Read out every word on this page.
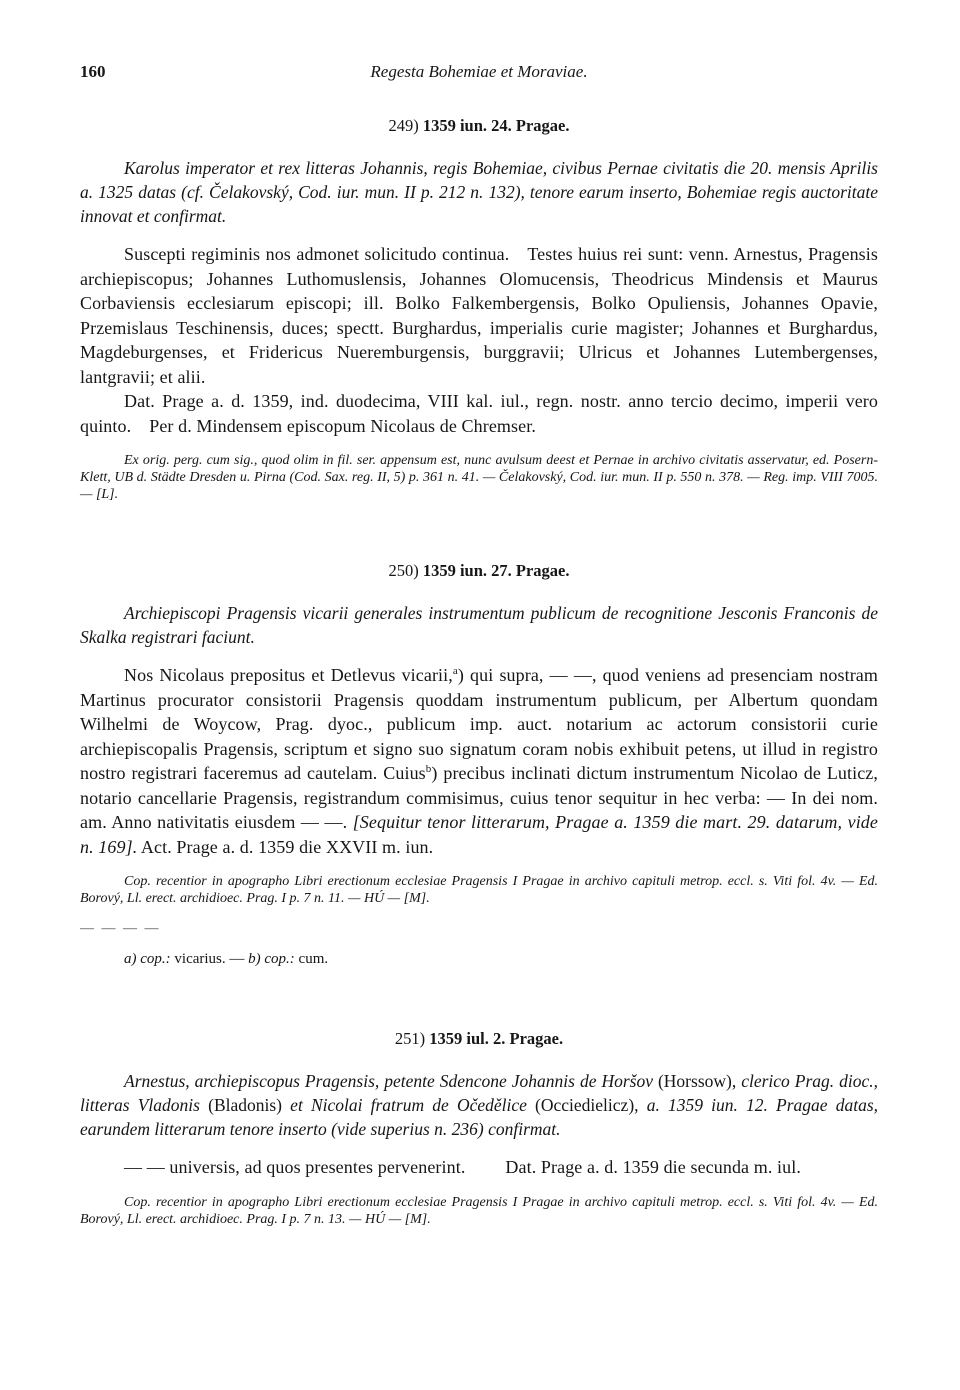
160	Regesta Bohemiae et Moraviae.
249) 1359 iun. 24. Pragae.

Karolus imperator et rex litteras Johannis, regis Bohemiae, civibus Pernae civitatis die 20. mensis Aprilis a. 1325 datas (cf. Čelakovský, Cod. iur. mun. II p. 212 n. 132), tenore earum inserto, Bohemiae regis auctoritate innovat et confirmat.

Suscepti regiminis nos admonet solicitudo continua. Testes huius rei sunt: venn. Arnestus, Pragensis archiepiscopus; Johannes Luthomuslensis, Johannes Olomucensis, Theodricus Mindensis et Maurus Corbaviensis ecclesiarum episcopi; ill. Bolko Falkembergensis, Bolko Opuliensis, Johannes Opavie, Przemislaus Teschinensis, duces; spectt. Burghardus, imperialis curie magister; Johannes et Burghardus, Magdeburgenses, et Fridericus Nueremburgensis, burggravii; Ulricus et Johannes Lutembergenses, lantgravii; et alii.

Dat. Prage a. d. 1359, ind. duodecima, VIII kal. iul., regn. nostr. anno tercio decimo, imperii vero quinto. Per d. Mindensem episcopum Nicolaus de Chremser.

Ex orig. perg. cum sig., quod olim in fil. ser. appensum est, nunc avulsum deest et Pernae in archivo civitatis asservatur, ed. Posern-Klett, UB d. Städte Dresden u. Pirna (Cod. Sax. reg. II, 5) p. 361 n. 41. — Čelakovský, Cod. iur. mun. II p. 550 n. 378. — Reg. imp. VIII 7005. — [L].

250) 1359 iun. 27. Pragae.

Archiepiscopi Pragensis vicarii generales instrumentum publicum de recognitione Jesconis Franconis de Skalka registrari faciunt.

Nos Nicolaus prepositus et Detlevus vicarii,$^a$) qui supra, — —, quod veniens ad presenciam nostram Martinus procurator consistorii Pragensis quoddam instrumentum publicum, per Albertum quondam Wilhelmi de Woycow, Prag. dyoc., publicum imp. auct. notarium ac actorum consistorii curie archiepiscopalis Pragensis, scriptum et signo suo signatum coram nobis exhibuit petens, ut illud in registro nostro registrari faceremus ad cautelam. Cuius$^b$) precibus inclinati dictum instrumentum Nicolao de Luticz, notario cancellarie Pragensis, registrandum commisimus, cuius tenor sequitur in hec verba: — In dei nom. am. Anno nativitatis eiusdem — —. [Sequitur tenor litterarum, Pragae a. 1359 die mart. 29. datarum, vide n. 169]. Act. Prage a. d. 1359 die XXVII m. iun.

Cop. recentior in apographo Libri erectionum ecclesiae Pragensis I Pragae in archivo capituli metrop. eccl. s. Viti fol. 4v. — Ed. Borový, Ll. erect. archidioec. Prag. I p. 7 n. 11. — HÚ — [M].

— — — —

a) cop.: vicarius. — b) cop.: cum.

251) 1359 iul. 2. Pragae.

Arnestus, archiepiscopus Pragensis, petente Sdencone Johannis de Horšov (Horssow), clerico Prag. dioc., litteras Vladonis (Bladonis) et Nicolai fratrum de Očedělice (Occiedielicz), a. 1359 iun. 12. Pragae datas, earundem litterarum tenore inserto (vide superius n. 236) confirmat.

— — universis, ad quos presentes pervenerint. Dat. Prage a. d. 1359 die secunda m. iul.

Cop. recentior in apographo Libri erectionum ecclesiae Pragensis I Pragae in archivo capituli metrop. eccl. s. Viti fol. 4v. — Ed. Borový, Ll. erect. archidioec. Prag. I p. 7 n. 13. — HÚ — [M].
